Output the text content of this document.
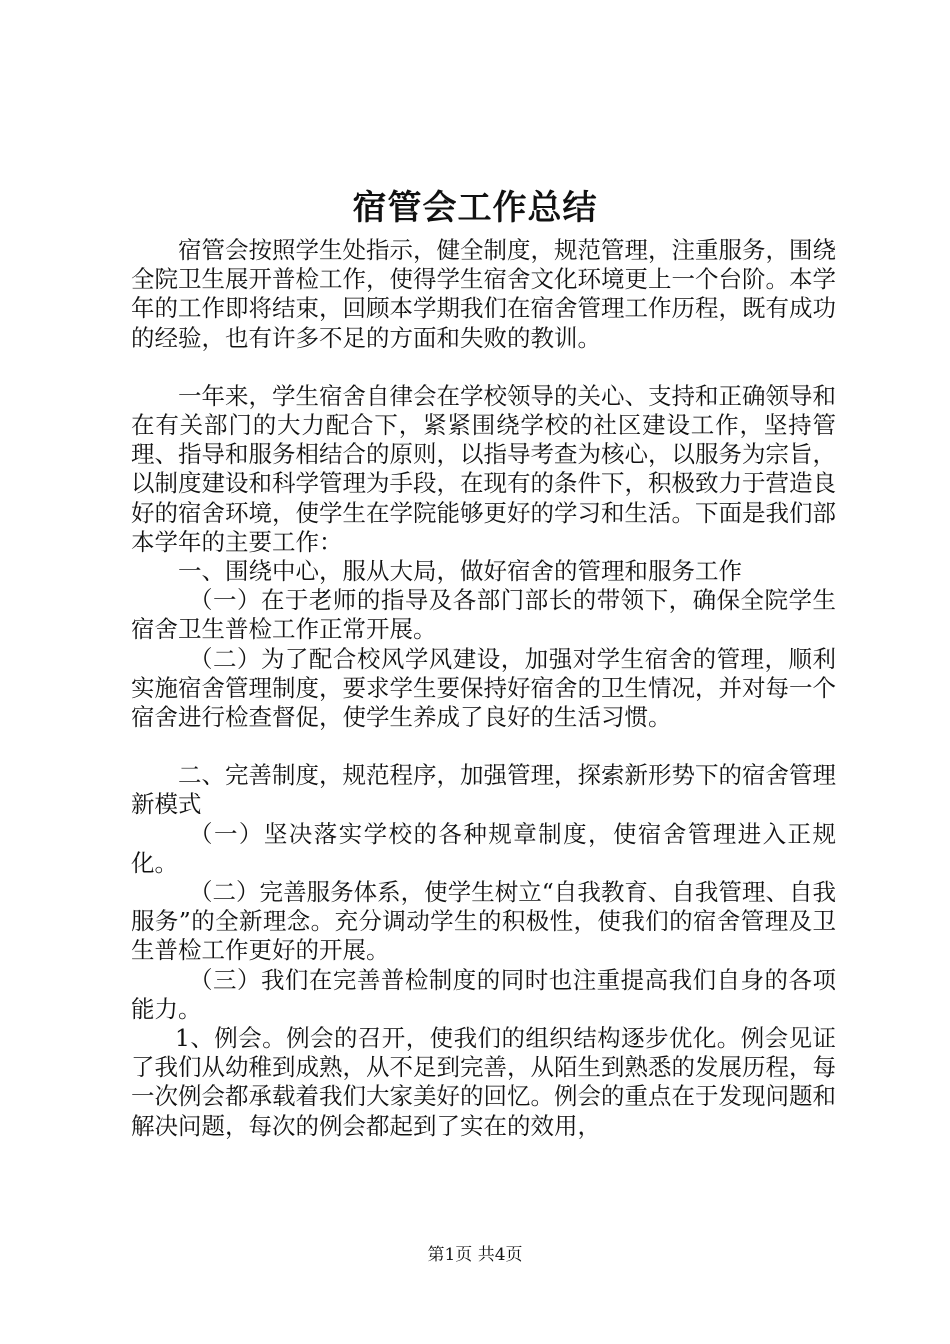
宿管会工作总结

宿管会按照学生处指示，健全制度，规范管理，注重服务，围绕全院卫生展开普检工作，使得学生宿舍文化环境更上一个台阶。本学年的工作即将结束，回顾本学期我们在宿舍管理工作历程，既有成功的经验，也有许多不足的方面和失败的教训。

一年来，学生宿舍自律会在学校领导的关心、支持和正确领导和在有关部门的大力配合下，紧紧围绕学校的社区建设工作，坚持管理、指导和服务相结合的原则，以指导考查为核心，以服务为宗旨，以制度建设和科学管理为手段，在现有的条件下，积极致力于营造良好的宿舍环境，使学生在学院能够更好的学习和生活。下面是我们部本学年的主要工作：

一、围绕中心，服从大局，做好宿舍的管理和服务工作

（一）在于老师的指导及各部门部长的带领下，确保全院学生宿舍卫生普检工作正常开展。

（二）为了配合校风学风建设，加强对学生宿舍的管理，顺利实施宿舍管理制度，要求学生要保持好宿舍的卫生情况，并对每一个宿舍进行检查督促，使学生养成了良好的生活习惯。

二、完善制度，规范程序，加强管理，探索新形势下的宿舍管理新模式

（一）坚决落实学校的各种规章制度，使宿舍管理进入正规化。

（二）完善服务体系，使学生树立“自我教育、自我管理、自我服务”的全新理念。充分调动学生的积极性，使我们的宿舍管理及卫生普检工作更好的开展。

（三）我们在完善普检制度的同时也注重提高我们自身的各项能力。

1、例会。例会的召开，使我们的组织结构逐步优化。例会见证了我们从幼稚到成熟，从不足到完善，从陌生到熟悉的发展历程，每一次例会都承载着我们大家美好的回忆。例会的重点在于发现问题和解决问题，每次的例会都起到了实在的效用，

第1页 共4页
